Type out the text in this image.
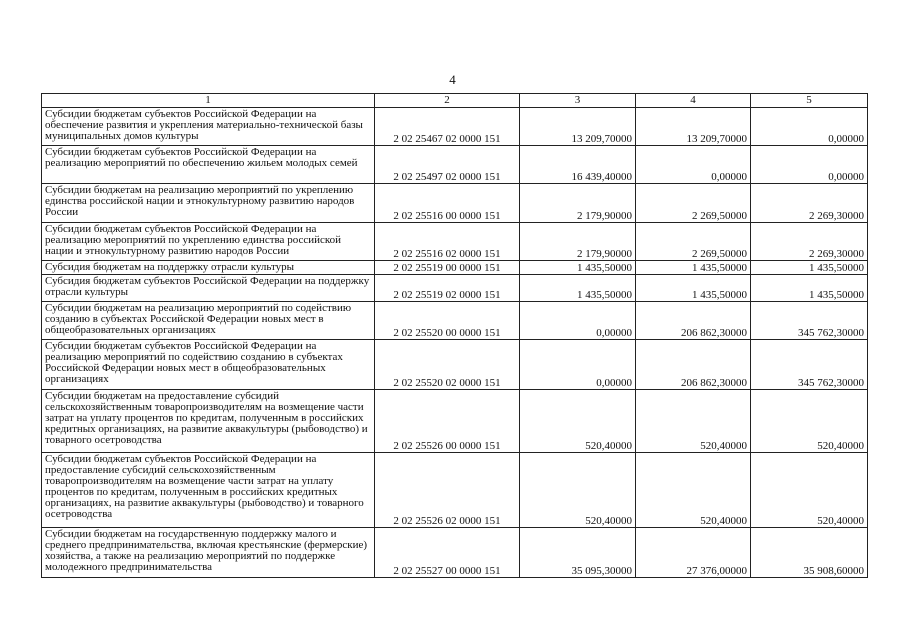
4
1	2	3	4	5
Субсидии бюджетам субъектов Российской Федерации на обеспечение развития и укрепления материально-технической базы муниципальных домов культуры	2 02 25467 02 0000 151	13 209,70000	13 209,70000	0,00000
Субсидии бюджетам субъектов Российской Федерации на реализацию мероприятий по обеспечению жильем молодых семей	2 02 25497 02 0000 151	16 439,40000	0,00000	0,00000
Субсидии бюджетам на реализацию мероприятий по укреплению единства российской нации и этнокультурному развитию народов России	2 02 25516 00 0000 151	2 179,90000	2 269,50000	2 269,30000
Субсидии бюджетам субъектов Российской Федерации на реализацию мероприятий по укреплению единства российской нации и этнокультурному развитию народов России	2 02 25516 02 0000 151	2 179,90000	2 269,50000	2 269,30000
Субсидия бюджетам на поддержку отрасли культуры	2 02 25519 00 0000 151	1 435,50000	1 435,50000	1 435,50000
Субсидия бюджетам субъектов Российской Федерации на поддержку отрасли культуры	2 02 25519 02 0000 151	1 435,50000	1 435,50000	1 435,50000
Субсидии бюджетам на реализацию мероприятий по содействию созданию в субъектах Российской Федерации новых мест в общеобразовательных организациях	2 02 25520 00 0000 151	0,00000	206 862,30000	345 762,30000
Субсидии бюджетам субъектов Российской Федерации на реализацию мероприятий по содействию созданию в субъектах Российской Федерации новых мест в общеобразовательных организациях	2 02 25520 02 0000 151	0,00000	206 862,30000	345 762,30000
Субсидии бюджетам на предоставление субсидий сельскохозяйственным товаропроизводителям на возмещение части затрат на уплату процентов по кредитам, полученным в российских кредитных организациях, на развитие аквакультуры (рыбоводство) и товарного осетроводства	2 02 25526 00 0000 151	520,40000	520,40000	520,40000
Субсидии бюджетам субъектов Российской Федерации на предоставление субсидий сельскохозяйственным товаропроизводителям на возмещение части затрат на уплату процентов по кредитам, полученным в российских кредитных организациях, на развитие аквакультуры (рыбоводство) и товарного осетроводства	2 02 25526 02 0000 151	520,40000	520,40000	520,40000
Субсидии бюджетам на государственную поддержку малого и среднего предпринимательства, включая крестьянские (фермерские) хозяйства, а также на реализацию мероприятий по поддержке молодежного предпринимательства	2 02 25527 00 0000 151	35 095,30000	27 376,00000	35 908,60000
